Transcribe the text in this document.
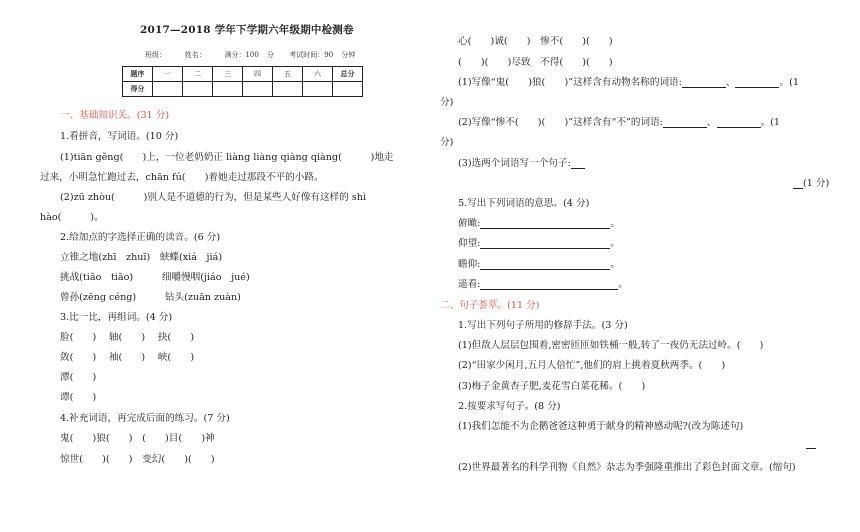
2017—2018 学年下学期六年级期中检测卷
班级：　　 姓名：　　 满分：100 分　 考试时间：90 分钟
题序	一	二	三	四	五	六	总分
得分							
一、基础知识关。(31 分)
1.看拼音，写词语。(10 分)
(1)tiān gěng(　　)上，一位老奶奶正 liàng liàng qiàng qiàng(　　　)地走
过来，小明急忙跑过去，chān fú(　　)着她走过那段不平的小路。
(2)zū zhòu(　　　)别人是不道德的行为，但是某些人好像有这样的 shì
hào(　　　)。
2.给加点的字选择正确的读音。(6 分)
立锥之地(zhī　zhuī)　蛱蝶(xiá　jiá)
挑战(tiǎo　tiāo)　　　细嚼慢咽(jiáo　jué)
曾孙(zēng céng)　　　钻头(zuān zuàn)
3.比一比，再组词。(4 分)
脸(　　)　 轴(　　)　 抉(　　)
敛(　　)　 袖(　　)　 峡(　　)
潭(　　)
谭(　　)
4.补充词语，再完成后面的练习。(7 分)
鬼(　　)狼(　　)　(　　)目(　　)神
惊世(　　)(　　)　变幻(　　)(　　)
心(　　)诚(　　)　惨不(　　)(　　)
(　　)(　　)尽致　不得(　　)(　　)
(1)写像“鬼(　　)狼(　　)”这样含有动物名称的词语:	、	。(1
分)
(2)写像“惨不(　　)(　　)”这样含有“不”的词语:	、	。(1
分)
(3)选两个词语写一个句子:
(1 分)
5.写出下列词语的意思。(4 分)
俯瞰:	。
仰望:	。
瞻仰:	。
遥看:	。
二、句子荟萃。(11 分)
1.写出下列句子所用的修辞手法。(3 分)
(1)但敌人层层包围着,密密匝匝如铁桶一般,转了一夜仍无法过岭。(　　)
(2)“田家少闲月,五月人倍忙”,他们的肩上挑着夏秋两季。(　　)
(3)梅子金黄杏子肥,麦花雪白菜花稀。(　　)
2.按要求写句子。(8 分)
(1)我们怎能不为企鹅爸爸这种勇于献身的精神感动呢?(改为陈述句)
(2)世界最著名的科学刊物《自然》杂志为季强隆重推出了彩色封面文章。(缩句)
